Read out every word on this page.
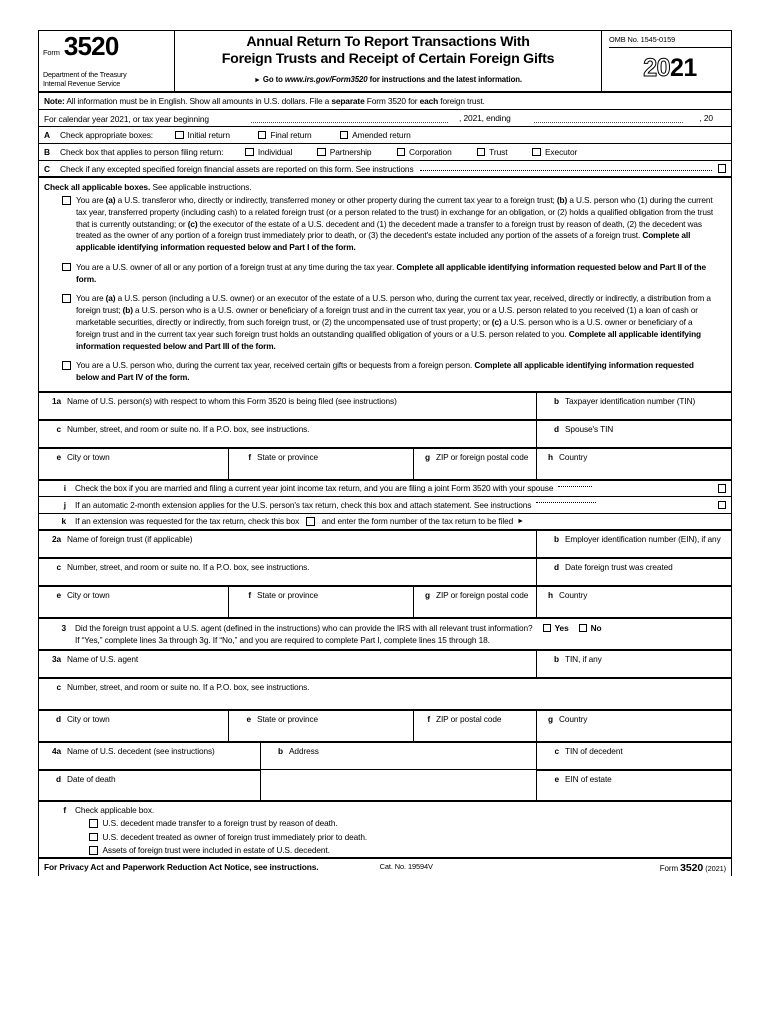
Form 3520
Department of the Treasury
Internal Revenue Service
Annual Return To Report Transactions With
Foreign Trusts and Receipt of Certain Foreign Gifts
► Go to www.irs.gov/Form3520 for instructions and the latest information.
OMB No. 1545-0159
2021
Note: All information must be in English. Show all amounts in U.S. dollars. File a separate Form 3520 for each foreign trust.
For calendar year 2021, or tax year beginning	, 2021, ending	, 20
A	Check appropriate boxes:	Initial return	Final return	Amended return
B	Check box that applies to person filing return:	Individual	Partnership	Corporation	Trust	Executor
C	Check if any excepted specified foreign financial assets are reported on this form. See instructions
Check all applicable boxes. See applicable instructions.
You are (a) a U.S. transferor who, directly or indirectly, transferred money or other property during the current tax year to a foreign trust; (b) a U.S. person who (1) during the current tax year, transferred property (including cash) to a related foreign trust (or a person related to the trust) in exchange for an obligation, or (2) holds a qualified obligation from the trust that is currently outstanding; or (c) the executor of the estate of a U.S. decedent and (1) the decedent made a transfer to a foreign trust by reason of death, (2) the decedent was treated as the owner of any portion of a foreign trust immediately prior to death, or (3) the decedent's estate included any portion of the assets of a foreign trust. Complete all applicable identifying information requested below and Part I of the form.
You are a U.S. owner of all or any portion of a foreign trust at any time during the tax year. Complete all applicable identifying information requested below and Part II of the form.
You are (a) a U.S. person (including a U.S. owner) or an executor of the estate of a U.S. person who, during the current tax year, received, directly or indirectly, a distribution from a foreign trust; (b) a U.S. person who is a U.S. owner or beneficiary of a foreign trust and in the current tax year, you or a U.S. person related to you received (1) a loan of cash or marketable securities, directly or indirectly, from such foreign trust, or (2) the uncompensated use of trust property; or (c) a U.S. person who is a U.S. owner or beneficiary of a foreign trust and in the current tax year such foreign trust holds an outstanding qualified obligation of yours or a U.S. person related to you. Complete all applicable identifying information requested below and Part III of the form.
You are a U.S. person who, during the current tax year, received certain gifts or bequests from a foreign person. Complete all applicable identifying information requested below and Part IV of the form.
1a Name of U.S. person(s) with respect to whom this Form 3520 is being filed (see instructions)	b Taxpayer identification number (TIN)
c Number, street, and room or suite no. If a P.O. box, see instructions.	d Spouse's TIN
e City or town	f State or province	g ZIP or foreign postal code	h Country
i Check the box if you are married and filing a current year joint income tax return, and you are filing a joint Form 3520 with your spouse
j If an automatic 2-month extension applies for the U.S. person's tax return, check this box and attach statement. See instructions
k If an extension was requested for the tax return, check this box	and enter the form number of the tax return to be filed ►
2a Name of foreign trust (if applicable)	b Employer identification number (EIN), if any
c Number, street, and room or suite no. If a P.O. box, see instructions.	d Date foreign trust was created
e City or town	f State or province	g ZIP or foreign postal code	h Country
3 Did the foreign trust appoint a U.S. agent (defined in the instructions) who can provide the IRS with all relevant trust information?	Yes	No
If “Yes,” complete lines 3a through 3g. If “No,” and you are required to complete Part I, complete lines 15 through 18.
3a Name of U.S. agent	b TIN, if any
c Number, street, and room or suite no. If a P.O. box, see instructions.
d City or town	e State or province	f ZIP or postal code	g Country
4a Name of U.S. decedent (see instructions)	b Address	c TIN of decedent
d Date of death	e EIN of estate
f Check applicable box.
U.S. decedent made transfer to a foreign trust by reason of death.
U.S. decedent treated as owner of foreign trust immediately prior to death.
Assets of foreign trust were included in estate of U.S. decedent.
For Privacy Act and Paperwork Reduction Act Notice, see instructions.	Cat. No. 19594V	Form 3520 (2021)
